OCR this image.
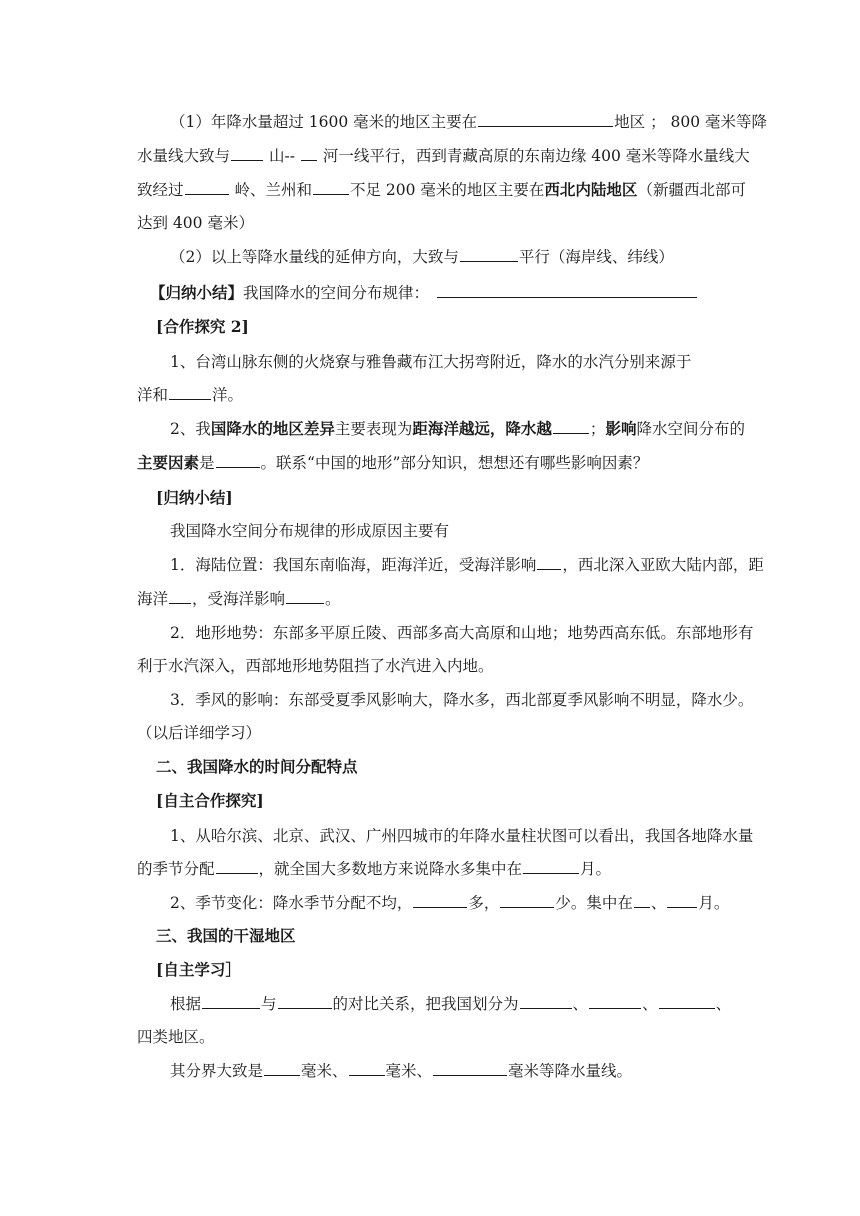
（1）年降水量超过 1600 毫米的地区主要在	地区 ； 800 毫米等降
水量线大致与	山-- 河一线平行，西到青藏高原的东南边缘 400 毫米等降水量线大
致经过	岭、兰州和 不足 200 毫米的地区主要在西北内陆地区（新疆西北部可
达到 400 毫米）
（2）以上等降水量线的延伸方向，大致与	平行（海岸线、纬线）
【归纳小结】我国降水的空间分布规律：
[合作探究 2]
1、台湾山脉东侧的火烧寮与雅鲁藏布江大拐弯附近，降水的水汽分别来源于
洋和	洋。
2、我国降水的地区差异主要表现为距海洋越远，降水越 ；影响降水空间分布的
主要因素是	。联系“中国的地形”部分知识，想想还有哪些影响因素？
[归纳小结]
我国降水空间分布规律的形成原因主要有
1．海陆位置：我国东南临海，距海洋近，受海洋影响 ，西北深入亚欧大陆内部，距
海洋 ，受海洋影响	。
2．地形地势：东部多平原丘陵、西部多高大高原和山地；地势西高东低。东部地形有
利于水汽深入，西部地形地势阻挡了水汽进入内地。
3．季风的影响：东部受夏季风影响大，降水多，西北部夏季风影响不明显，降水少。
（以后详细学习）
二、我国降水的时间分配特点
[自主合作探究]
1、从哈尔滨、北京、武汉、广州四城市的年降水量柱状图可以看出，我国各地降水量
的季节分配	，就全国大多数地方来说降水多集中在	月。
2、季节变化：降水季节分配不均，	多，	少。集中在 、 月。
三、我国的干湿地区
[自主学习］
根据	与	的对比关系，把我国划分为	、	、	、
四类地区。
其分界大致是 毫米、 毫米、	毫米等降水量线。
